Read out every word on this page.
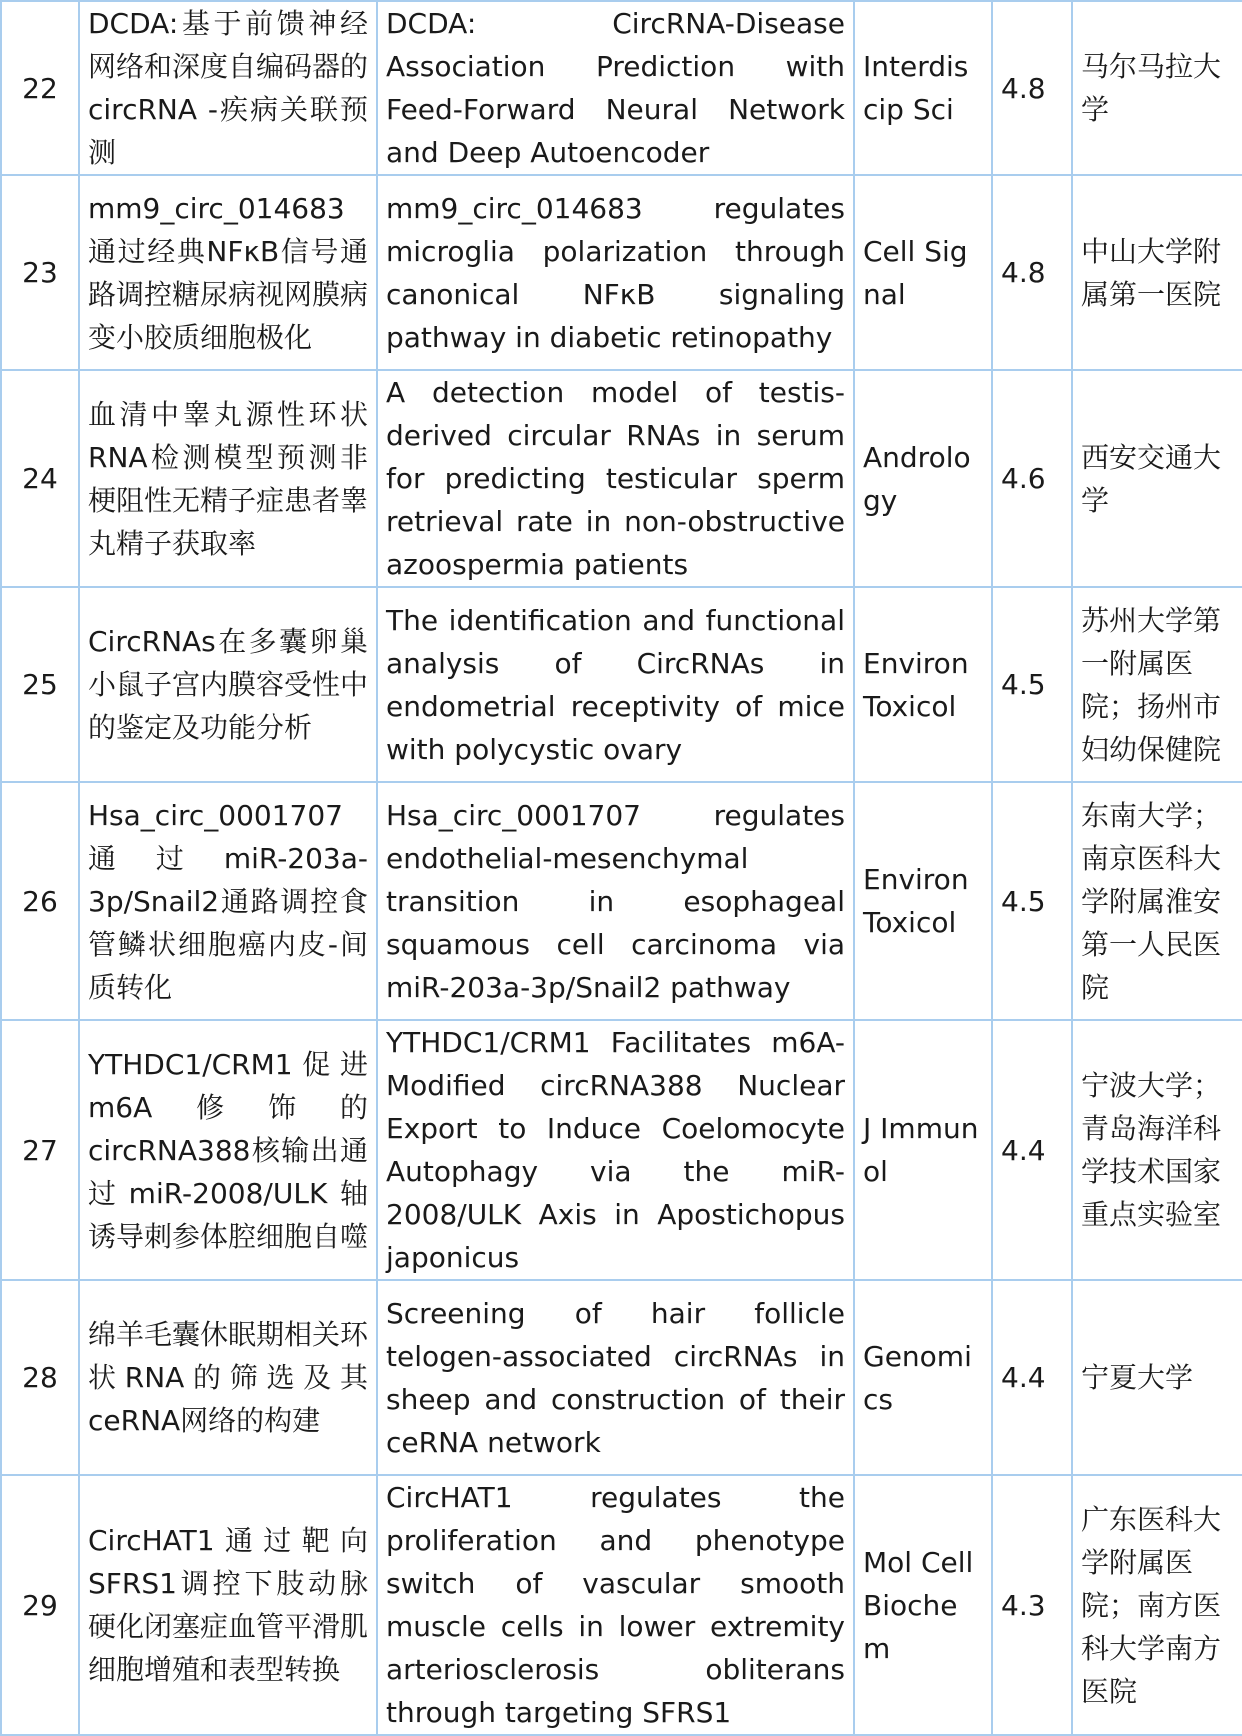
22	DCDA:基于前馈神经网络和深度自编码器的circRNA -疾病关联预测	DCDA: CircRNA-Disease Association Prediction with Feed-Forward Neural Network and Deep Autoencoder	Interdiscip Sci	4.8	马尔马拉大学
23	mm9_circ_014683通过经典NFκB信号通路调控糖尿病视网膜病变小胶质细胞极化	mm9_circ_014683 regulates microglia polarization through canonical NFκB signaling pathway in diabetic retinopathy	Cell Signal	4.8	中山大学附属第一医院
24	血清中睾丸源性环状RNA检测模型预测非梗阻性无精子症患者睾丸精子获取率	A detection model of testis-derived circular RNAs in serum for predicting testicular sperm retrieval rate in non-obstructive azoospermia patients	Andrology	4.6	西安交通大学
25	CircRNAs在多囊卵巢小鼠子宫内膜容受性中的鉴定及功能分析	The identification and functional analysis of CircRNAs in endometrial receptivity of mice with polycystic ovary	Environ Toxicol	4.5	苏州大学第一附属医院；扬州市妇幼保健院
26	Hsa_circ_0001707通过miR-203a-3p/Snail2通路调控食管鳞状细胞癌内皮-间质转化	Hsa_circ_0001707 regulates endothelial-mesenchymal transition in esophageal squamous cell carcinoma via miR-203a-3p/Snail2 pathway	Environ Toxicol	4.5	东南大学；南京医科大学附属淮安第一人民医院
27	YTHDC1/CRM1促进m6A修饰的circRNA388核输出通过miR-2008/ULK轴诱导刺参体腔细胞自噬	YTHDC1/CRM1 Facilitates m6A-Modified circRNA388 Nuclear Export to Induce Coelomocyte Autophagy via the miR-2008/ULK Axis in Apostichopus japonicus	J Immunol	4.4	宁波大学；青岛海洋科学技术国家重点实验室
28	绵羊毛囊休眠期相关环状RNA的筛选及其ceRNA网络的构建	Screening of hair follicle telogen-associated circRNAs in sheep and construction of their ceRNA network	Genomics	4.4	宁夏大学
29	CircHAT1通过靶向SFRS1调控下肢动脉硬化闭塞症血管平滑肌细胞增殖和表型转换	CircHAT1 regulates the proliferation and phenotype switch of vascular smooth muscle cells in lower extremity arteriosclerosis obliterans through targeting SFRS1	Mol Cell Biochem	4.3	广东医科大学附属医院；南方医科大学南方医院
